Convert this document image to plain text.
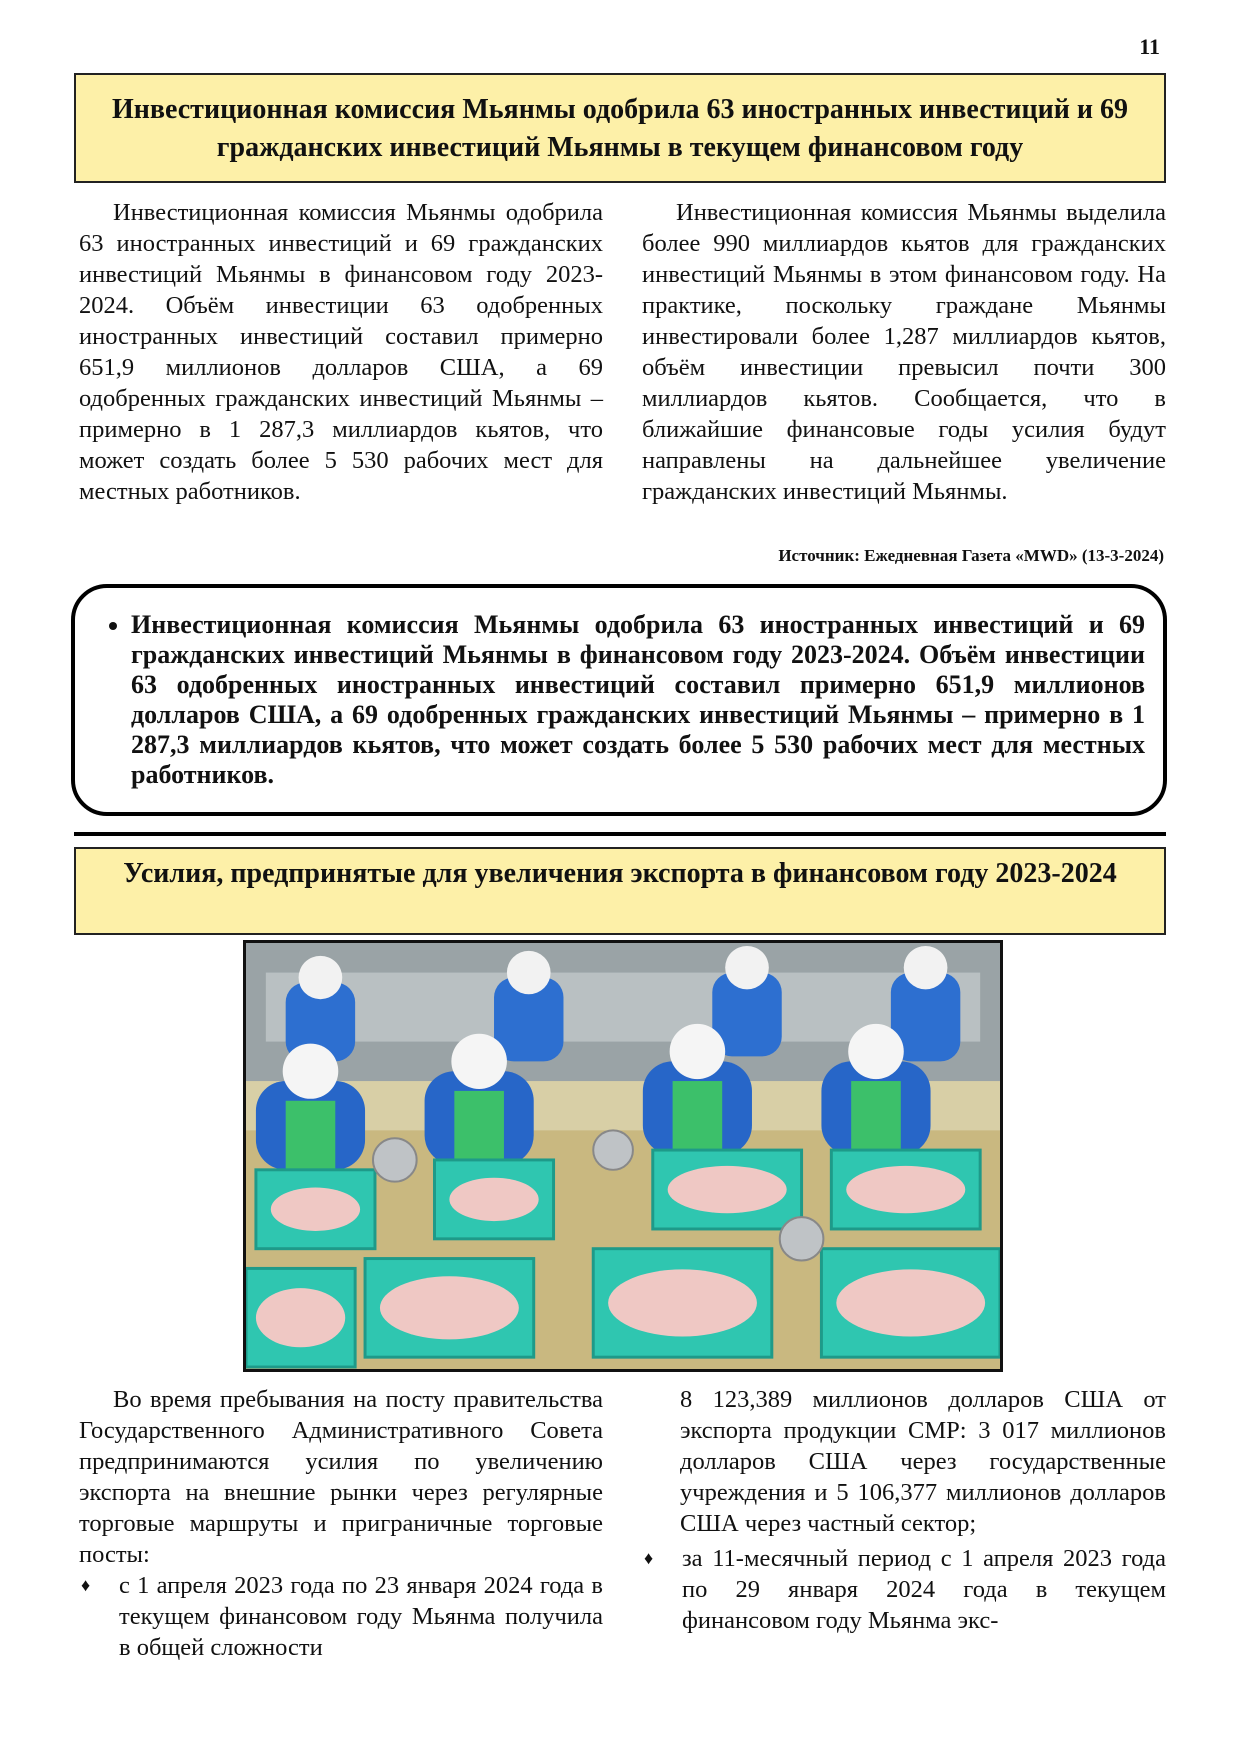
11
Инвестиционная комиссия Мьянмы одобрила 63 иностранных инвестиций и 69 гражданских инвестиций Мьянмы в текущем финансовом году

Инвестиционная комиссия Мьянмы одобрила 63 иностранных инвестиций и 69 гражданских инвестиций Мьянмы в финансовом году 2023-2024. Объём инвестиции 63 одобренных иностранных инвестиций составил примерно 651,9 миллионов долларов США, а 69 одобренных гражданских инвестиций Мьянмы – примерно в 1 287,3 миллиардов кьятов, что может создать более 5 530 рабочих мест для местных работников.

Инвестиционная комиссия Мьянмы выделила более 990 миллиардов кьятов для гражданских инвестиций Мьянмы в этом финансовом году. На практике, поскольку граждане Мьянмы инвестировали более 1,287 миллиардов кьятов, объём инвестиции превысил почти 300 миллиардов кьятов. Сообщается, что в ближайшие финансовые годы усилия будут направлены на дальнейшее увеличение гражданских инвестиций Мьянмы.

Источник: Ежедневная Газета «MWD» (13-3-2024)
• Инвестиционная комиссия Мьянмы одобрила 63 иностранных инвестиций и 69 гражданских инвестиций Мьянмы в финансовом году 2023-2024. Объём инвестиции 63 одобренных иностранных инвестиций составил примерно 651,9 миллионов долларов США, а 69 одобренных гражданских инвестиций Мьянмы – примерно в 1 287,3 миллиардов кьятов, что может создать более 5 530 рабочих мест для местных работников.
Усилия, предпринятые для увеличения экспорта в финансовом году 2023-2024

Во время пребывания на посту правительства Государственного Административного Совета предпринимаются усилия по увеличению экспорта на внешние рынки через регулярные торговые маршруты и приграничные торговые посты:

♦ с 1 апреля 2023 года по 23 января 2024 года в текущем финансовом году Мьянма получила в общей сложности

8 123,389 миллионов долларов США от экспорта продукции CMP: 3 017 миллионов долларов США через государственные учреждения и 5 106,377 миллионов долларов США через частный сектор;

♦ за 11-месячный период с 1 апреля 2023 года по 29 января 2024 года в текущем финансовом году Мьянма экс-
